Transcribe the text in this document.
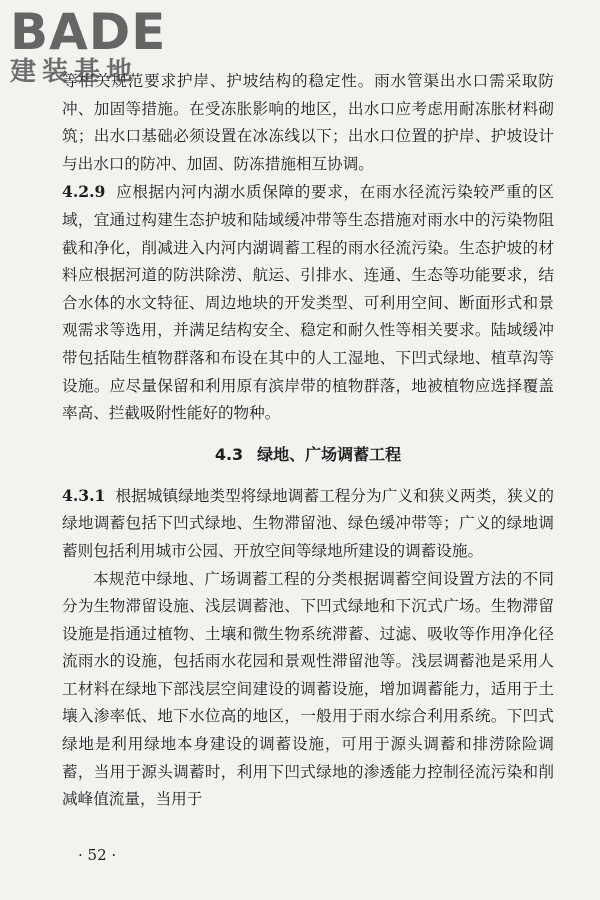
BADE
建装基地

等相关规范要求护岸、护坡结构的稳定性。雨水管渠出水口需采取防冲、加固等措施。在受冻胀影响的地区，出水口应考虑用耐冻胀材料砌筑；出水口基础必须设置在冰冻线以下；出水口位置的护岸、护坡设计与出水口的防冲、加固、防冻措施相互协调。

4.2.9 应根据内河内湖水质保障的要求，在雨水径流污染较严重的区域，宜通过构建生态护坡和陆域缓冲带等生态措施对雨水中的污染物阻截和净化，削减进入内河内湖调蓄工程的雨水径流污染。生态护坡的材料应根据河道的防洪除涝、航运、引排水、连通、生态等功能要求，结合水体的水文特征、周边地块的开发类型、可利用空间、断面形式和景观需求等选用，并满足结构安全、稳定和耐久性等相关要求。陆域缓冲带包括陆生植物群落和布设在其中的人工湿地、下凹式绿地、植草沟等设施。应尽量保留和利用原有滨岸带的植物群落，地被植物应选择覆盖率高、拦截吸附性能好的物种。

4.3 绿地、广场调蓄工程

4.3.1 根据城镇绿地类型将绿地调蓄工程分为广义和狭义两类，狭义的绿地调蓄包括下凹式绿地、生物滞留池、绿色缓冲带等；广义的绿地调蓄则包括利用城市公园、开放空间等绿地所建设的调蓄设施。

本规范中绿地、广场调蓄工程的分类根据调蓄空间设置方法的不同分为生物滞留设施、浅层调蓄池、下凹式绿地和下沉式广场。生物滞留设施是指通过植物、土壤和微生物系统滞蓄、过滤、吸收等作用净化径流雨水的设施，包括雨水花园和景观性滞留池等。浅层调蓄池是采用人工材料在绿地下部浅层空间建设的调蓄设施，增加调蓄能力，适用于土壤入渗率低、地下水位高的地区，一般用于雨水综合利用系统。下凹式绿地是利用绿地本身建设的调蓄设施，可用于源头调蓄和排涝除险调蓄，当用于源头调蓄时，利用下凹式绿地的渗透能力控制径流污染和削减峰值流量，当用于

· 52 ·
